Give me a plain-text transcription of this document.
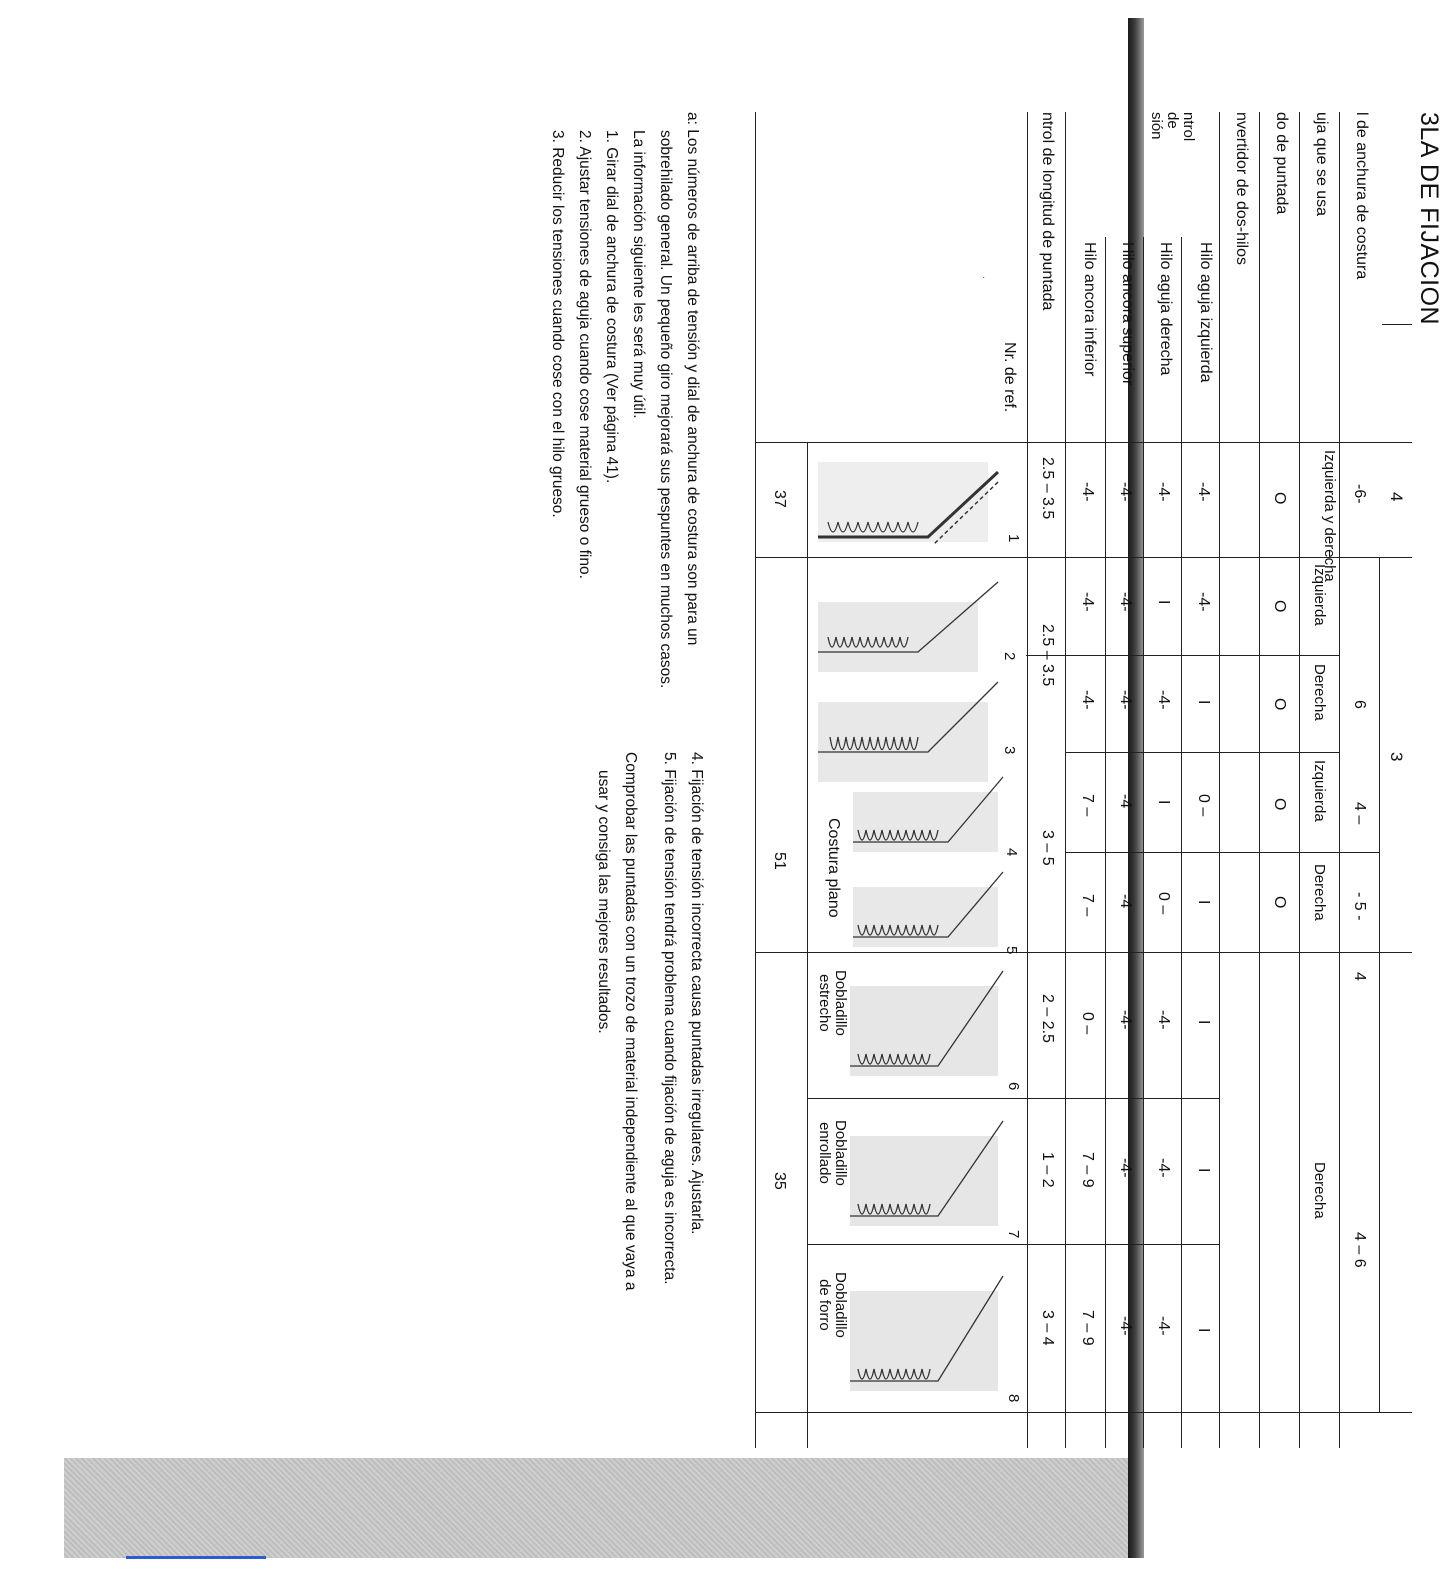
·	3LA DE FIJACION
l de anchura de costura
uja que se usa
do de puntada
nvertidor de dos-hilos
ntrol
de
sión
Hilo aguja izquierda
Hilo aguja derecha
Hilo ancora superior
Hilo ancora inferior
ntrol de longitud de puntada
Nr. de ref.
4
-6-
Izquierda y derecha
O
-4-
-4-
-4-
-4-
2.5 – 3.5
37
1
3
6
Izquierda
Derecha
O
O
-4-
I
I
-4-
-4-
-4-
-4-
-4-
2.5 – 3.5
2
3
4 –
- 5 -
Izquierda
Derecha
O
O
0 –
I
I
0 –
-4
-4
7 –
7 –
3 – 5
4
5
Costura plano
51
4
4 – 6
Derecha
I
I
I
-4-
-4-
-4-
-4-
-4-
-4-
0 –
7 – 9
7 – 9
2 – 2.5
1 – 2
3 – 4
6
7
8
Dobladillo
estrecho
Dobladillo
enrollado
Dobladillo
de forro
35
a: Los números de arriba de tensión y dial de anchura de costura son para un
sobrehilado general. Un pequeño giro mejorará sus pespuntes en muchos casos.
La información siguiente les será muy útil.
1. Girar dial de anchura de costura (Ver página 41).
2. Ajustar tensiones de aguja cuando cose material grueso o fino.
3. Reducir los tensiones cuando cose con el hilo grueso.
4. Fijación de tensión incorrecta causa puntadas irregulares. Ajustarla.
5. Fijación de tensión tendrá problema cuando fijación de aguja es incorrecta.
Comprobar las puntadas con un trozo de material independiente al que vaya a
usar y consiga las mejores resultados.
